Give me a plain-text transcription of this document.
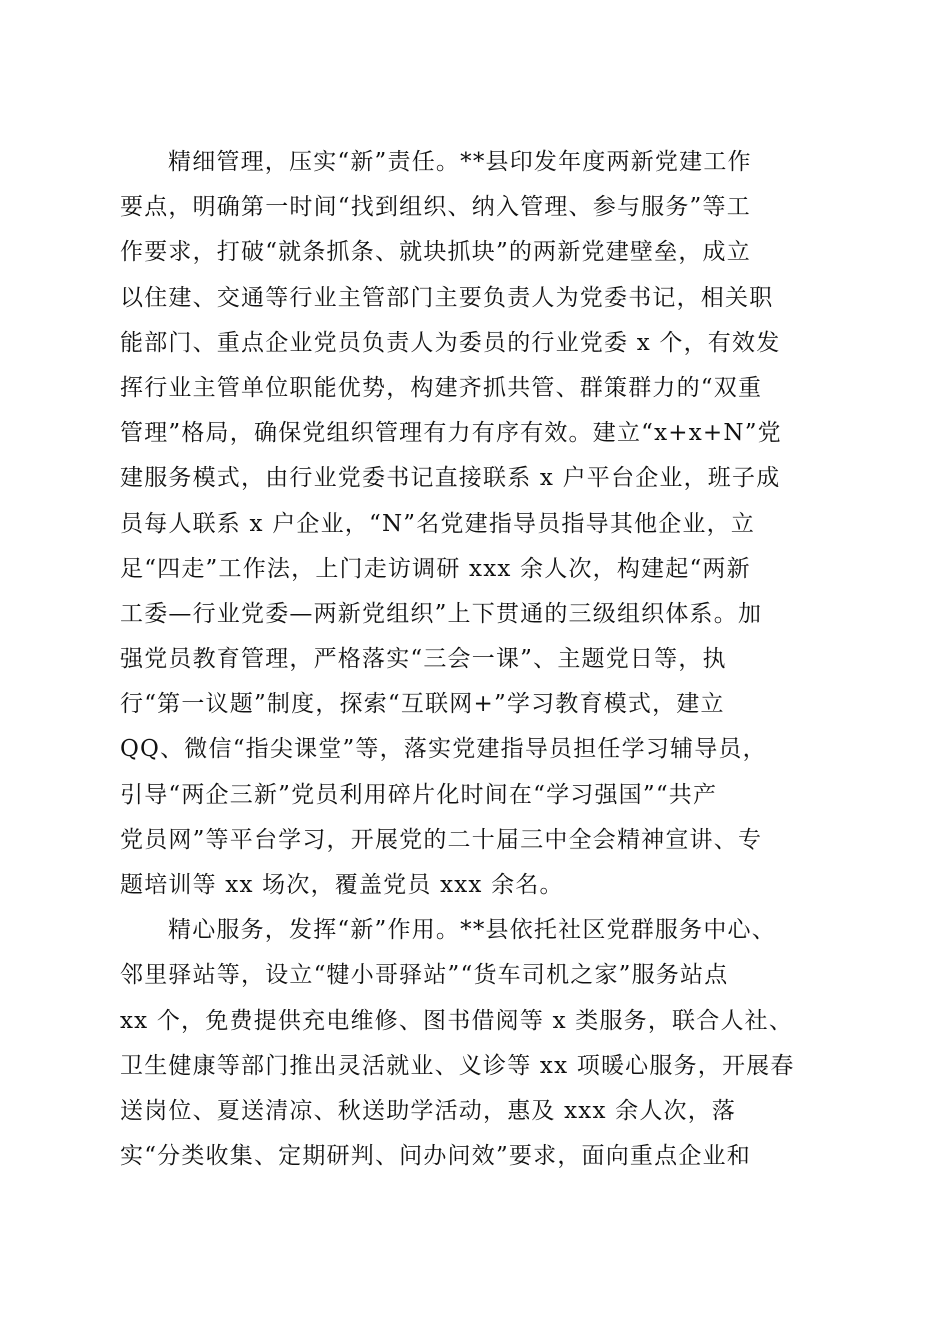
精细管理，压实“新”责任。**县印发年度两新党建工作
要点，明确第一时间“找到组织、纳入管理、参与服务”等工
作要求，打破“就条抓条、就块抓块”的两新党建壁垒，成立
以住建、交通等行业主管部门主要负责人为党委书记，相关职
能部门、重点企业党员负责人为委员的行业党委 x 个，有效发
挥行业主管单位职能优势，构建齐抓共管、群策群力的“双重
管理”格局，确保党组织管理有力有序有效。建立“x+x+N”党
建服务模式，由行业党委书记直接联系 x 户平台企业，班子成
员每人联系 x 户企业，“N”名党建指导员指导其他企业，立
足“四走”工作法，上门走访调研 xxx 余人次，构建起“两新
工委—行业党委—两新党组织”上下贯通的三级组织体系。加
强党员教育管理，严格落实“三会一课”、主题党日等，执
行“第一议题”制度，探索“互联网+”学习教育模式，建立
QQ、微信“指尖课堂”等，落实党建指导员担任学习辅导员，
引导“两企三新”党员利用碎片化时间在“学习强国”“共产
党员网”等平台学习，开展党的二十届三中全会精神宣讲、专
题培训等 xx 场次，覆盖党员 xxx 余名。
精心服务，发挥“新”作用。**县依托社区党群服务中心、
邻里驿站等，设立“犍小哥驿站”“货车司机之家”服务站点
xx 个，免费提供充电维修、图书借阅等 x 类服务，联合人社、
卫生健康等部门推出灵活就业、义诊等 xx 项暖心服务，开展春
送岗位、夏送清凉、秋送助学活动，惠及 xxx 余人次，落
实“分类收集、定期研判、问办问效”要求，面向重点企业和
